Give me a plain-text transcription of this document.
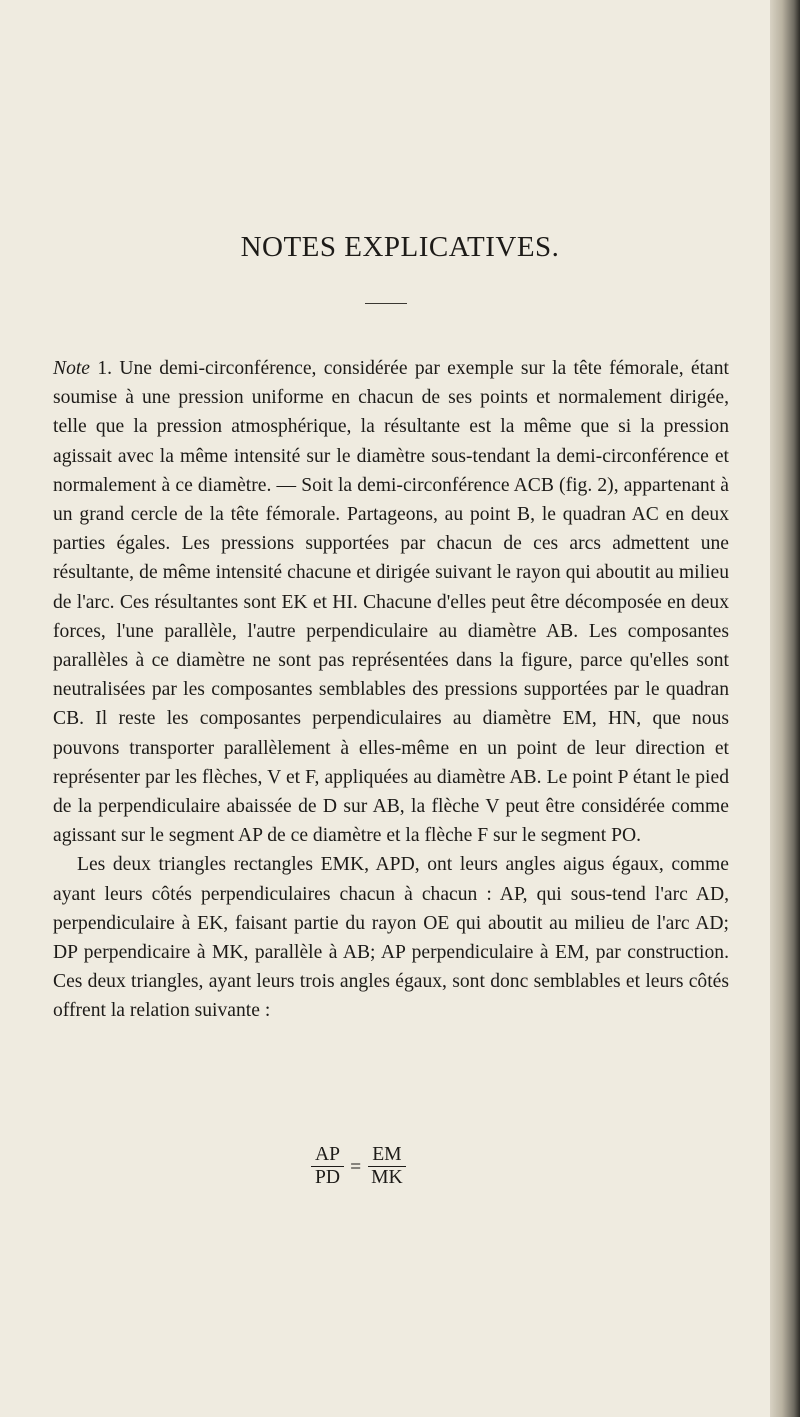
NOTES EXPLICATIVES.

Note 1. Une demi-circonférence, considérée par exemple sur la tête fémorale, étant soumise à une pression uniforme en chacun de ses points et normalement dirigée, telle que la pression atmosphérique, la résultante est la même que si la pression agissait avec la même intensité sur le diamètre sous-tendant la demi-circonférence et normalement à ce diamètre. — Soit la demi-circonférence ACB (fig. 2), appartenant à un grand cercle de la tête fémorale. Partageons, au point B, le quadran AC en deux parties égales. Les pressions supportées par chacun de ces arcs admettent une résultante, de même intensité chacune et dirigée suivant le rayon qui aboutit au milieu de l'arc. Ces résultantes sont EK et HI. Chacune d'elles peut être décomposée en deux forces, l'une parallèle, l'autre perpendiculaire au diamètre AB. Les composantes parallèles à ce diamètre ne sont pas représentées dans la figure, parce qu'elles sont neutralisées par les composantes semblables des pressions supportées par le quadran CB. Il reste les composantes perpendiculaires au diamètre EM, HN, que nous pouvons transporter parallèlement à elles-même en un point de leur direction et représenter par les flèches, V et F, appliquées au diamètre AB. Le point P étant le pied de la perpendiculaire abaissée de D sur AB, la flèche V peut être considérée comme agissant sur le segment AP de ce diamètre et la flèche F sur le segment PO.

Les deux triangles rectangles EMK, APD, ont leurs angles aigus égaux, comme ayant leurs côtés perpendiculaires chacun à chacun : AP, qui sous-tend l'arc AD, perpendiculaire à EK, faisant partie du rayon OE qui aboutit au milieu de l'arc AD; DP perpendicaire à MK, parallèle à AB; AP perpendiculaire à EM, par construction. Ces deux triangles, ayant leurs trois angles égaux, sont donc semblables et leurs côtés offrent la relation suivante :

$\frac{AP}{PD} = \frac{EM}{MK}$
